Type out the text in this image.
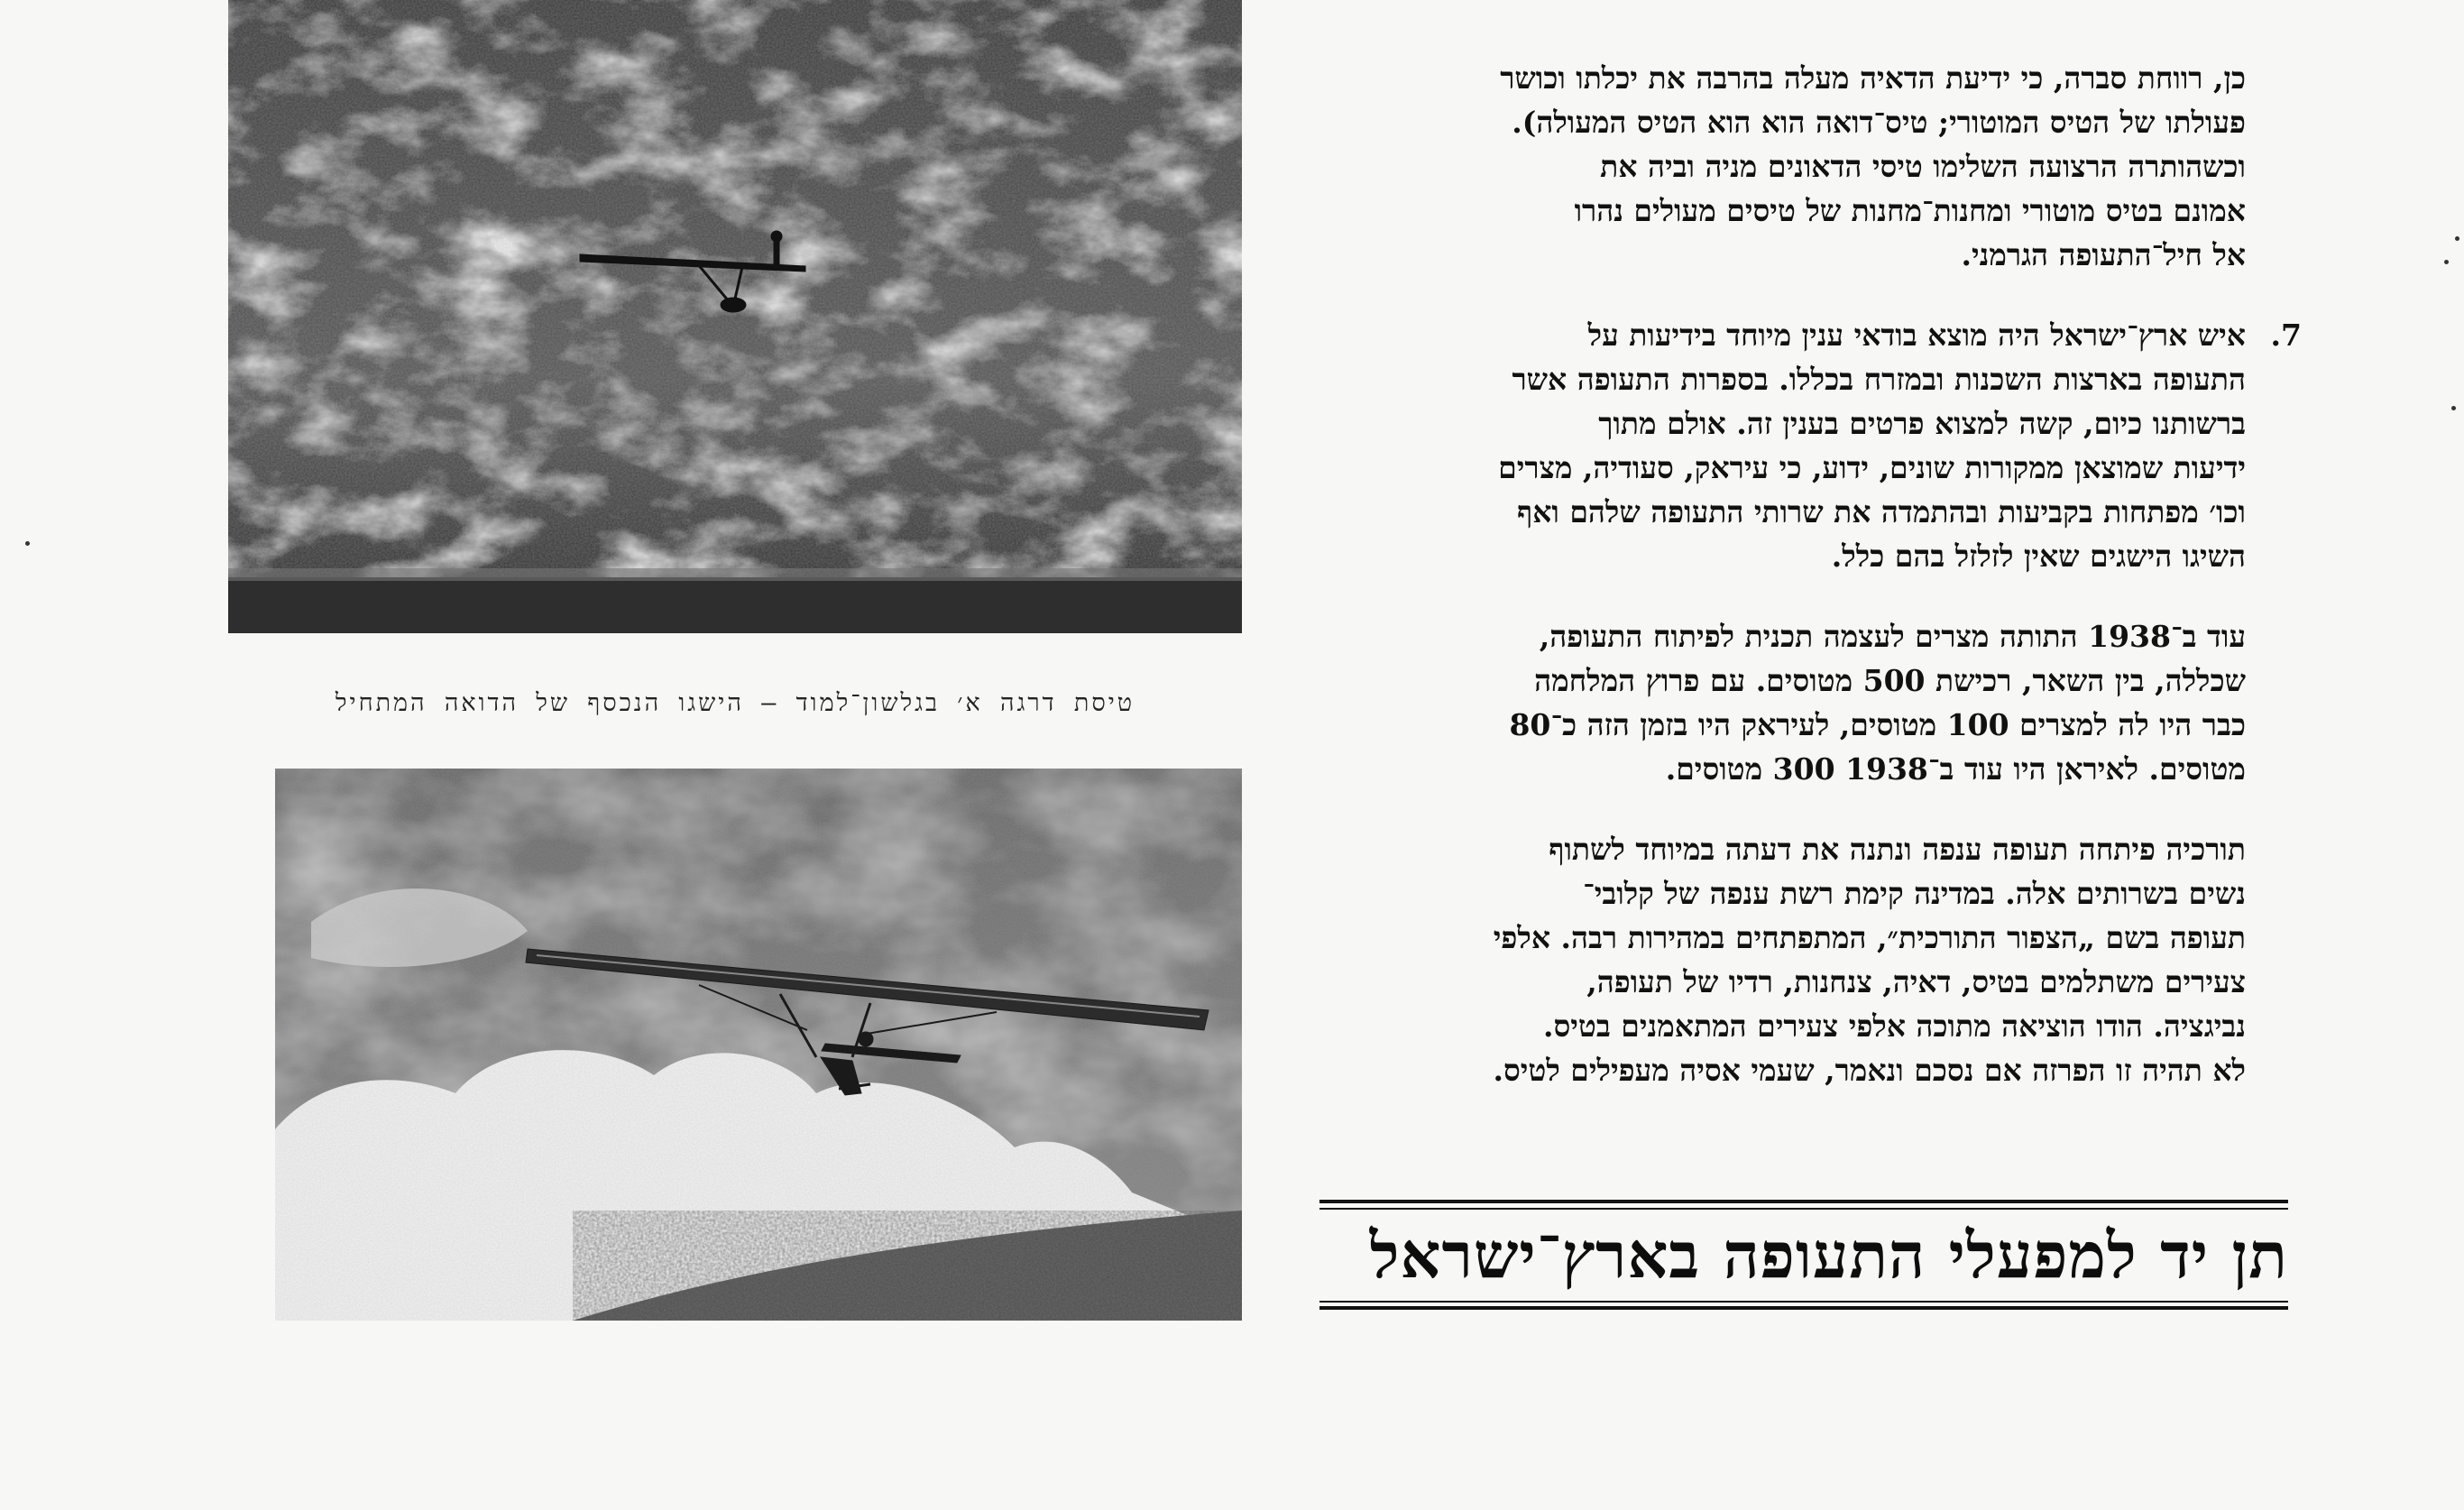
טיסת דרגה א׳ בגלשון־למוד — הישגו הנכסף של הדואה המתחיל
כן, רווחת סברה, כי ידיעת הדאיה מעלה בהרבה את יכלתו וכושר
פעולתו של הטיס המוטורי; טיס־דואה הוא הוא הטיס המעולה).
וכשהותרה הרצועה השלימו טיסי הדאונים מניה וביה את
אמונם בטיס מוטורי ומחנות־מחנות של טיסים מעולים נהרו
אל חיל־התעופה הגרמני.
7.
איש ארץ־ישראל היה מוצא בודאי ענין מיוחד בידיעות על
התעופה בארצות השכנות ובמזרח בכללו. בספרות התעופה אשר
ברשותנו כיום, קשה למצוא פרטים בענין זה. אולם מתוך
ידיעות שמוצאן ממקורות שונים, ידוע, כי עיראק, סעודיה, מצרים
וכו׳ מפתחות בקביעות ובהתמדה את שרותי התעופה שלהם ואף
השיגו הישגים שאין לזלזל בהם כלל.
עוד ב־1938 התותה מצרים לעצמה תכנית לפיתוח התעופה,
שכללה, בין השאר, רכישת 500 מטוסים. עם פרוץ המלחמה
כבר היו לה למצרים 100 מטוסים, לעיראק היו בזמן הזה כ־80
מטוסים. לאיראן היו עוד ב־1938 300 מטוסים.
תורכיה פיתחה תעופה ענפה ונתנה את דעתה במיוחד לשתוף
נשים בשרותים אלה. במדינה קימת רשת ענפה של קלובי־
תעופה בשם „הצפור התורכית״, המתפתחים במהירות רבה. אלפי
צעירים משתלמים בטיס, דאיה, צנחנות, רדיו של תעופה,
נביגציה. הודו הוציאה מתוכה אלפי צעירים המתאמנים בטיס.
לא תהיה זו הפרזה אם נסכם ונאמר, שעמי אסיה מעפילים לטיס.
תן יד למפעלי התעופה בארץ־ישראל
